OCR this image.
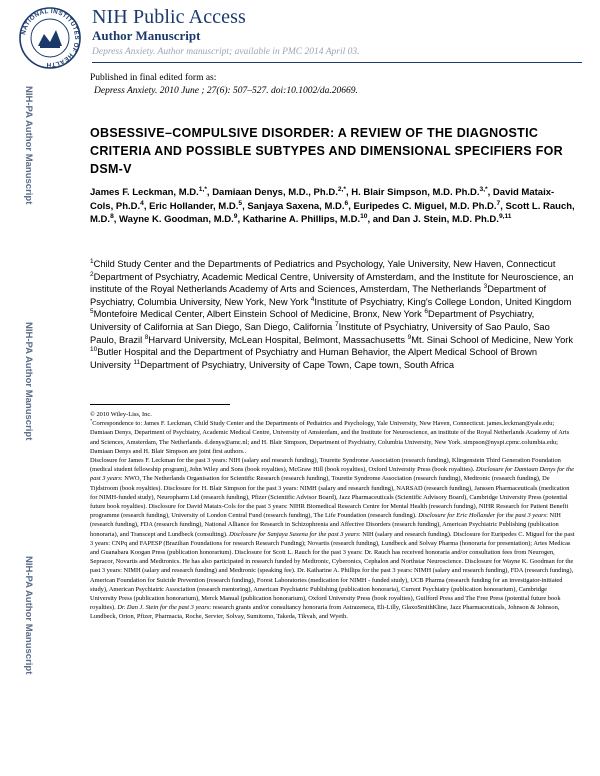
NATIONAL INSTITUTES OF HEALTH
NIH Public Access
Author Manuscript
Depress Anxiety. Author manuscript; available in PMC 2014 April 03.
NIH-PA Author Manuscript
NIH-PA Author Manuscript
NIH-PA Author Manuscript
Published in final edited form as:
Depress Anxiety. 2010 June ; 27(6): 507–527. doi:10.1002/da.20669.
OBSESSIVE–COMPULSIVE DISORDER: A REVIEW OF THE DIAGNOSTIC CRITERIA AND POSSIBLE SUBTYPES AND DIMENSIONAL SPECIFIERS FOR DSM-V

James F. Leckman, M.D.$^{1,*}$, Damiaan Denys, M.D., Ph.D.$^{2,*}$, H. Blair Simpson, M.D. Ph.D.$^{3,*}$, David Mataix-Cols, Ph.D.$^4$, Eric Hollander, M.D.$^5$, Sanjaya Saxena, M.D.$^6$, Euripedes C. Miguel, M.D. Ph.D.$^7$, Scott L. Rauch, M.D.$^8$, Wayne K. Goodman, M.D.$^9$, Katharine A. Phillips, M.D.$^{10}$, and Dan J. Stein, M.D. Ph.D.$^{9,11}$

$^1$Child Study Center and the Departments of Pediatrics and Psychology, Yale University, New Haven, Connecticut $^2$Department of Psychiatry, Academic Medical Centre, University of Amsterdam, and the Institute for Neuroscience, an institute of the Royal Netherlands Academy of Arts and Sciences, Amsterdam, The Netherlands $^3$Department of Psychiatry, Columbia University, New York, New York $^4$Institute of Psychiatry, King's College London, United Kingdom $^5$Montefoire Medical Center, Albert Einstein School of Medicine, Bronx, New York $^6$Department of Psychiatry, University of California at San Diego, San Diego, California $^7$Institute of Psychiatry, University of Sao Paulo, Sao Paulo, Brazil $^8$Harvard University, McLean Hospital, Belmont, Massachusetts $^9$Mt. Sinai School of Medicine, New York $^{10}$Butler Hospital and the Department of Psychiatry and Human Behavior, the Alpert Medical School of Brown University $^{11}$Department of Psychiatry, University of Cape Town, Cape town, South Africa

© 2010 Wiley-Liss, Inc.

*Correspondence to: James F. Leckman, Child Study Center and the Departments of Pediatrics and Psychology, Yale University, New Haven, Connecticut. james.leckman@yale.edu; Damiaan Denys, Department of Psychiatry, Academic Medical Centre, University of Amsterdam, and the Institute for Neuroscience, an institute of the Royal Netherlands Academy of Arts and Sciences, Amsterdam, The Netherlands. d.denys@amc.nl; and H. Blair Simpson, Department of Psychiatry, Columbia University, New York. simpson@nyspi.cpmc.columbia.edu; Damiaan Denys and H. Blair Simpson are joint first authors..

Disclosure for James F. Leckman for the past 3 years: NIH (salary and research funding), Tourette Syndrome Association (research funding), Klingenstein Third Generation Foundation (medical student fellowship program), John Wiley and Sons (book royalties), McGraw Hill (book royalties), Oxford University Press (book royalties). Disclosure for Damiaan Denys for the past 3 years: NWO, The Netherlands Organisation for Scientific Research (research funding), Tourette Syndrome Association (research funding), Medtronic (research funding), De Tijdstroom (book royalties). Disclosure for H. Blair Simpson for the past 3 years: NIMH (salary and research funding), NARSAD (research funding), Janssen Pharmaceuticals (medication for NIMH-funded study), Neuropharm Ltd (research funding), Pfizer (Scientific Advisor Board), Jazz Pharmaceuticals (Scientific Advisory Board), Cambridge University Press (potential future book royalties). Disclosure for David Mataix-Cols for the past 3 years: NIHR Biomedical Research Centre for Mental Health (research funding), NIHR Research for Patient Benefit programme (research funding), University of London Central Fund (research funding), The Life Foundation (research funding). Disclosure for Eric Hollander for the past 3 years: NIH (research funding), FDA (research funding), National Alliance for Research in Schizophrenia and Affective Disorders (research funding), American Psychiatric Publishing (publication honoraria), and Transcept and Lundbeck (consulting). Disclosure for Sanjaya Saxena for the past 3 years: NIH (salary and research funding). Disclosure for Euripedes C. Miguel for the past 3 years: CNPq and FAPESP (Brazilian Foundations for research Research Funding); Novartis (research funding), Lundbeck and Solvay Pharma (honoraria for presentation); Artes Medicas and Guanabara Koogan Press (publication honorarium). Disclosure for Scott L. Rauch for the past 3 years: Dr. Rauch has received honoraria and/or consultation fees from Neurogen, Sepracor, Novartis and Medtronics. He has also participated in research funded by Medtronic, Cyberonics, Cephalon and Northstar Neuroscience. Disclosure for Wayne K. Goodman for the past 3 years: NIMH (salary and research funding) and Medtronic (speaking fee). Dr. Katharine A. Phillips for the past 3 years: NIMH (salary and research funding), FDA (research funding), American Foundation for Suicide Prevention (research funding), Forest Laboratories (medication for NIMH - funded study), UCB Pharma (research funding for an investigator-initiated study), American Psychiatric Association (research mentoring), American Psychiatric Publishing (publication honoraria), Current Psychiatry (publication honorarium), Cambridge University Press (publication honorarium), Merck Manual (publication honorarium), Oxford University Press (book royalties), Guilford Press and The Free Press (potential future book royalties). Dr. Dan J. Stein for the past 3 years: research grants and/or consultancy honoraria from Astrazeneca, Eli-Lilly, GlaxoSmithKline, Jazz Pharmaceuticals, Johnson & Johnson, Lundbeck, Orion, Pfizer, Pharmacia, Roche, Servier, Solvay, Sumitomo, Takeda, Tikvah, and Wyeth.
